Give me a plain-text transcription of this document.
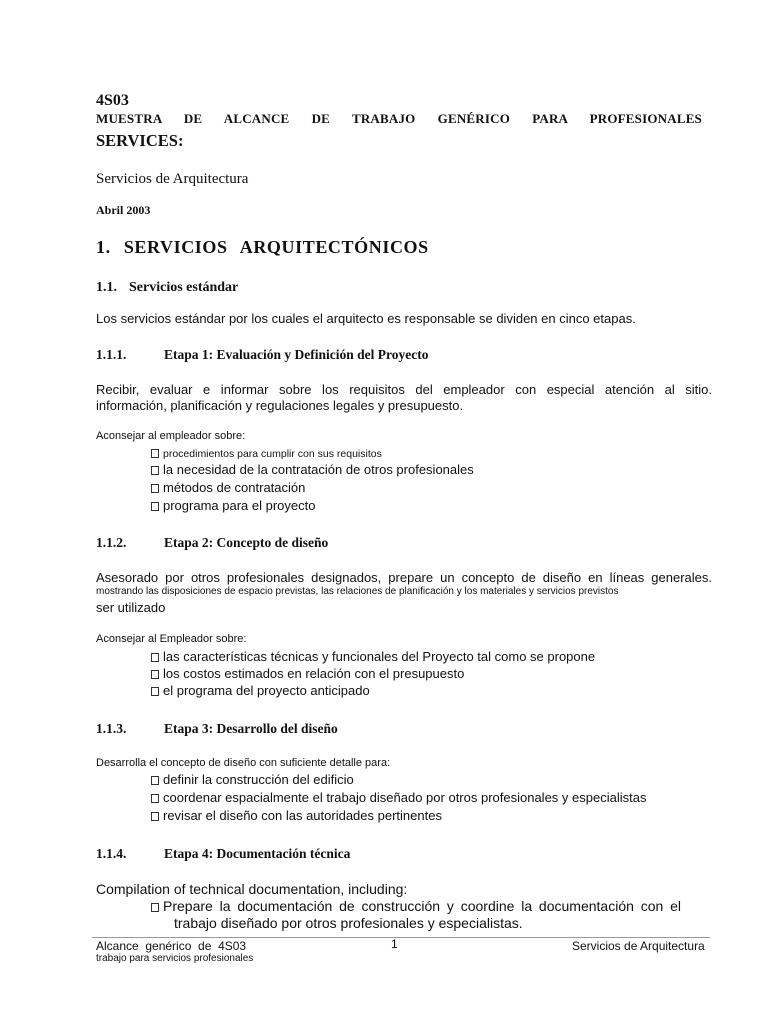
4S03
MUESTRA DE ALCANCE DE TRABAJO GENÉRICO PARA PROFESIONALES
SERVICES:
Servicios de Arquitectura
Abril 2003
1. SERVICIOS ARQUITECTÓNICOS
1.1. Servicios estándar
Los servicios estándar por los cuales el arquitecto es responsable se dividen en cinco etapas.
1.1.1.	Etapa 1: Evaluación y Definición del Proyecto
Recibir, evaluar e informar sobre los requisitos del empleador con especial atención al sitio.
información, planificación y regulaciones legales y presupuesto.
Aconsejar al empleador sobre:
procedimientos para cumplir con sus requisitos
la necesidad de la contratación de otros profesionales
métodos de contratación
programa para el proyecto
1.1.2.	Etapa 2: Concepto de diseño
Asesorado por otros profesionales designados, prepare un concepto de diseño en líneas generales.
mostrando las disposiciones de espacio previstas, las relaciones de planificación y los materiales y servicios previstos
ser utilizado
Aconsejar al Empleador sobre:
las características técnicas y funcionales del Proyecto tal como se propone
los costos estimados en relación con el presupuesto
el programa del proyecto anticipado
1.1.3.	Etapa 3: Desarrollo del diseño
Desarrolla el concepto de diseño con suficiente detalle para:
definir la construcción del edificio
coordenar espacialmente el trabajo diseñado por otros profesionales y especialistas
revisar el diseño con las autoridades pertinentes
1.1.4.	Etapa 4: Documentación técnica
Compilation of technical documentation, including:
Prepare la documentación de construcción y coordine la documentación con el
trabajo diseñado por otros profesionales y especialistas.
Alcance  genérico  de  4S03
trabajo para servicios profesionales
1	Servicios de Arquitectura
